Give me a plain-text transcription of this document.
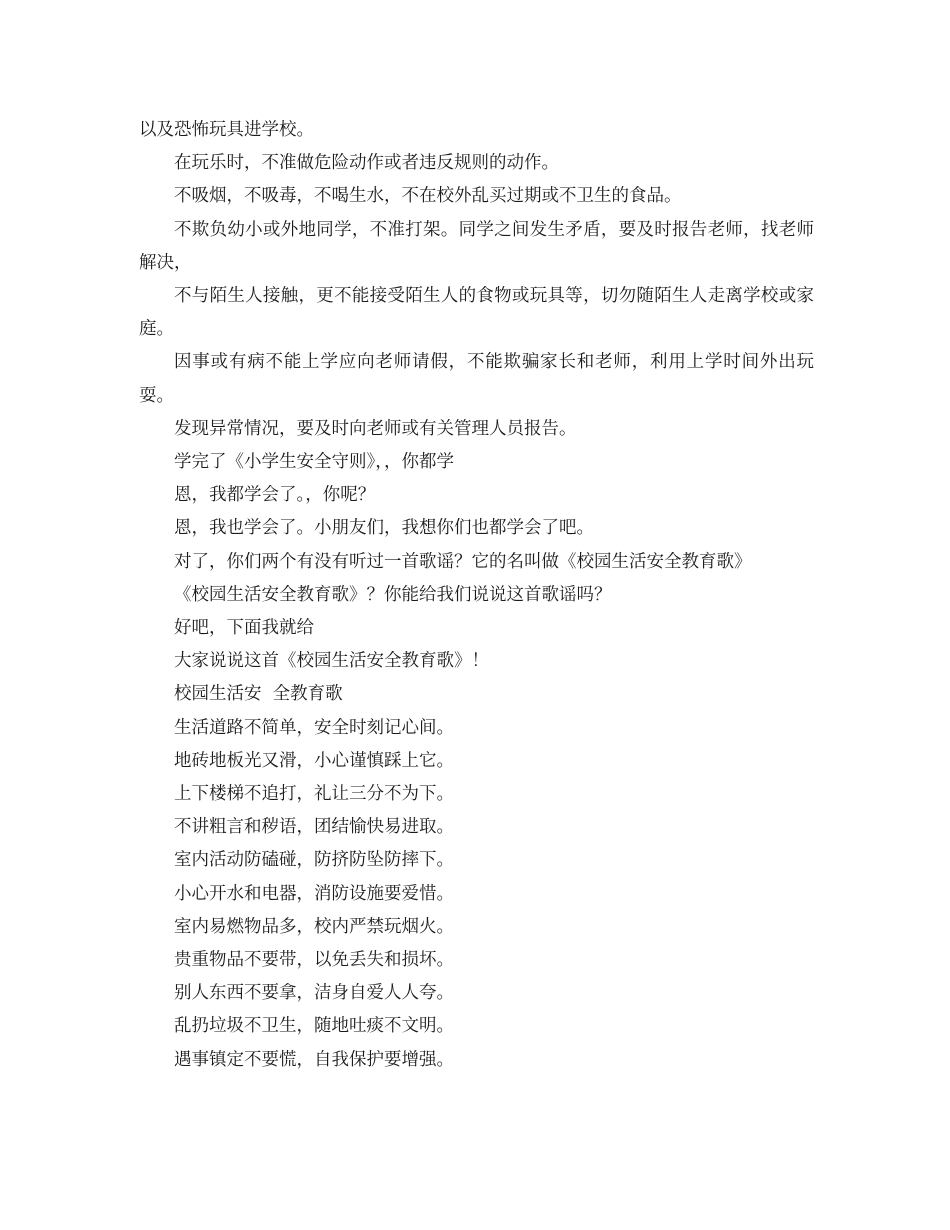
以及恐怖玩具进学校。

在玩乐时，不准做危险动作或者违反规则的动作。

不吸烟，不吸毒，不喝生水，不在校外乱买过期或不卫生的食品。

不欺负幼小或外地同学，不准打架。同学之间发生矛盾，要及时报告老师，找老师解决，

不与陌生人接触，更不能接受陌生人的食物或玩具等，切勿随陌生人走离学校或家庭。

因事或有病不能上学应向老师请假，不能欺骗家长和老师，利用上学时间外出玩耍。

发现异常情况，要及时向老师或有关管理人员报告。

学完了《小学生安全守则》，，你都学

恩，我都学会了。，你呢？

恩，我也学会了。小朋友们，我想你们也都学会了吧。

对了，你们两个有没有听过一首歌谣？它的名叫做《校园生活安全教育歌》

《校园生活安全教育歌》？你能给我们说说这首歌谣吗？

好吧，下面我就给

大家说说这首《校园生活安全教育歌》！

校园生活安  全教育歌

生活道路不简单，安全时刻记心间。

地砖地板光又滑，小心谨慎踩上它。

上下楼梯不追打，礼让三分不为下。

不讲粗言和秽语，团结愉快易进取。

室内活动防磕碰，防挤防坠防摔下。

小心开水和电器，消防设施要爱惜。

室内易燃物品多，校内严禁玩烟火。

贵重物品不要带，以免丢失和损坏。

别人东西不要拿，洁身自爱人人夸。

乱扔垃圾不卫生，随地吐痰不文明。

遇事镇定不要慌，自我保护要增强。
